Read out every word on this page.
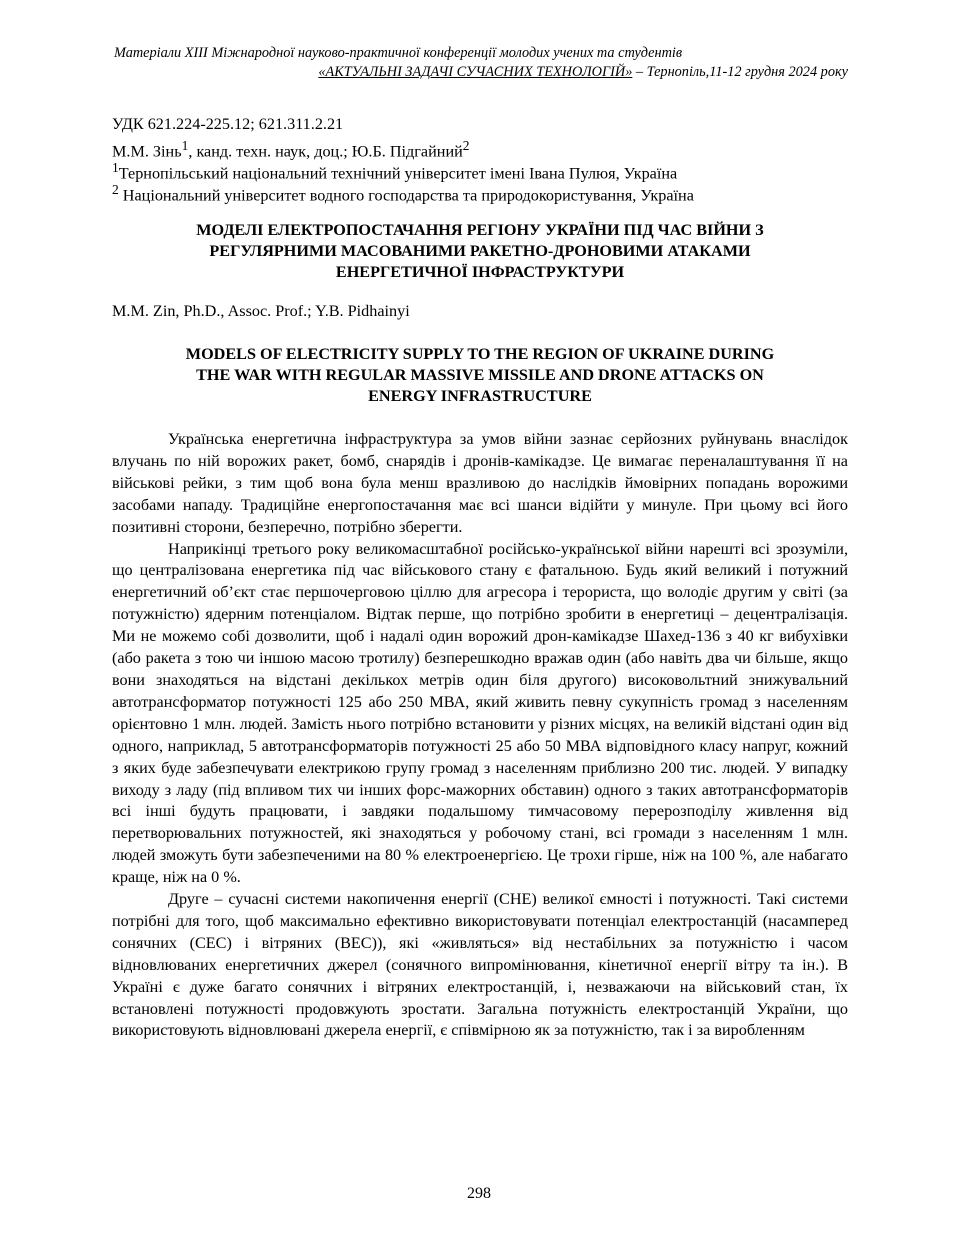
Матеріали XIII Міжнародної науково-практичної конференції молодих учених та студентів
«АКТУАЛЬНІ ЗАДАЧІ СУЧАСНИХ ТЕХНОЛОГІЙ» – Тернопіль,11-12 грудня 2024 року
УДК 621.224-225.12; 621.311.2.21
М.М. Зінь$^1$, канд. техн. наук, доц.; Ю.Б. Підгайний$^2$
$^1$Тернопільський національний технічний університет імені Івана Пулюя, Україна
$^2$ Національний університет водного господарства та природокористування, Україна
МОДЕЛІ ЕЛЕКТРОПОСТАЧАННЯ РЕГІОНУ УКРАЇНИ ПІД ЧАС ВІЙНИ З
РЕГУЛЯРНИМИ МАСОВАНИМИ РАКЕТНО-ДРОНОВИМИ АТАКАМИ
ЕНЕРГЕТИЧНОЇ ІНФРАСТРУКТУРИ
M.M. Zin, Ph.D., Assoc. Prof.; Y.B. Pidhainyi
MODELS OF ELECTRICITY SUPPLY TO THE REGION OF UKRAINE DURING
THE WAR WITH REGULAR MASSIVE MISSILE AND DRONE ATTACKS ON
ENERGY INFRASTRUCTURE

Українська енергетична інфраструктура за умов війни зазнає серйозних руйнувань внаслідок влучань по ній ворожих ракет, бомб, снарядів і дронів-камікадзе. Це вимагає переналаштування її на військові рейки, з тим щоб вона була менш вразливою до наслідків ймовірних попадань ворожими засобами нападу. Традиційне енергопостачання має всі шанси відійти у минуле. При цьому всі його позитивні сторони, безперечно, потрібно зберегти.

Наприкінці третього року великомасштабної російсько-української війни нарешті всі зрозуміли, що централізована енергетика під час військового стану є фатальною. Будь який великий і потужний енергетичний об’єкт стає першочерговою ціллю для агресора і терориста, що володіє другим у світі (за потужністю) ядерним потенціалом. Відтак перше, що потрібно зробити в енергетиці – децентралізація. Ми не можемо собі дозволити, щоб і надалі один ворожий дрон-камікадзе Шахед-136 з 40 кг вибухівки (або ракета з тою чи іншою масою тротилу) безперешкодно вражав один (або навіть два чи більше, якщо вони знаходяться на відстані декількох метрів один біля другого) високовольтний знижувальний автотрансформатор потужності 125 або 250 МВА, який живить певну сукупність громад з населенням орієнтовно 1 млн. людей. Замість нього потрібно встановити у різних місцях, на великій відстані один від одного, наприклад, 5 автотрансформаторів потужності 25 або 50 МВА відповідного класу напруг, кожний з яких буде забезпечувати електрикою групу громад з населенням приблизно 200 тис. людей. У випадку виходу з ладу (під впливом тих чи інших форс-мажорних обставин) одного з таких автотрансформаторів всі інші будуть працювати, і завдяки подальшому тимчасовому перерозподілу живлення від перетворювальних потужностей, які знаходяться у робочому стані, всі громади з населенням 1 млн. людей зможуть бути забезпеченими на 80 % електроенергією. Це трохи гірше, ніж на 100 %, але набагато краще, ніж на 0 %.

Друге – сучасні системи накопичення енергії (СНЕ) великої ємності і потужності. Такі системи потрібні для того, щоб максимально ефективно використовувати потенціал електростанцій (насамперед сонячних (СЕС) і вітряних (ВЕС)), які «живляться» від нестабільних за потужністю і часом відновлюваних енергетичних джерел (сонячного випромінювання, кінетичної енергії вітру та ін.). В Україні є дуже багато сонячних і вітряних електростанцій, і, незважаючи на військовий стан, їх встановлені потужності продовжують зростати. Загальна потужність електростанцій України, що використовують відновлювані джерела енергії, є співмірною як за потужністю, так і за виробленням

298
